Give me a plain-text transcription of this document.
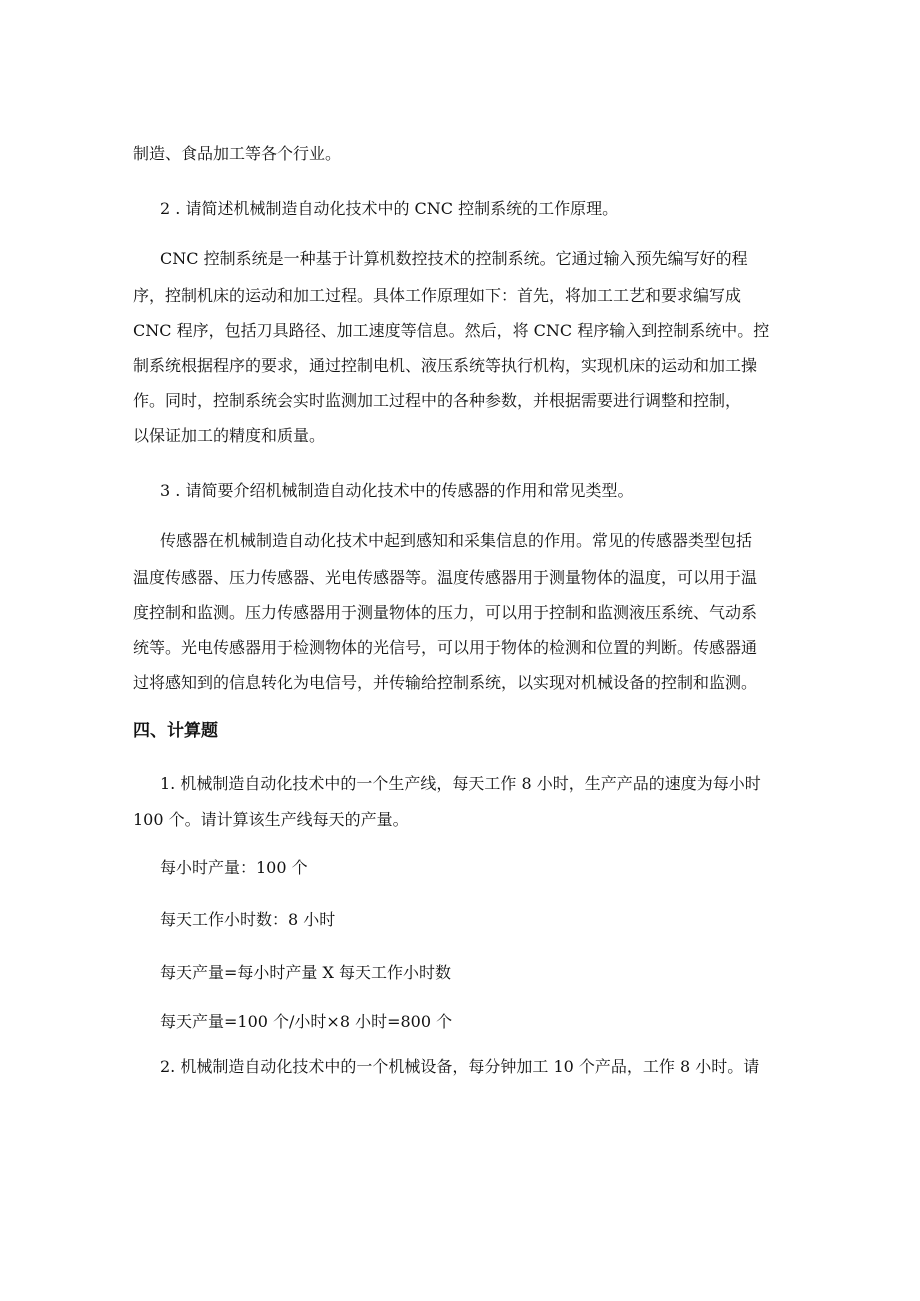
制造、食品加工等各个行业。
2 . 请简述机械制造自动化技术中的 CNC 控制系统的工作原理。
CNC 控制系统是一种基于计算机数控技术的控制系统。它通过输入预先编写好的程
序，控制机床的运动和加工过程。具体工作原理如下：首先，将加工工艺和要求编写成
CNC 程序，包括刀具路径、加工速度等信息。然后，将 CNC 程序输入到控制系统中。控
制系统根据程序的要求，通过控制电机、液压系统等执行机构，实现机床的运动和加工操
作。同时，控制系统会实时监测加工过程中的各种参数，并根据需要进行调整和控制，
以保证加工的精度和质量。
3 . 请简要介绍机械制造自动化技术中的传感器的作用和常见类型。
传感器在机械制造自动化技术中起到感知和采集信息的作用。常见的传感器类型包括
温度传感器、压力传感器、光电传感器等。温度传感器用于测量物体的温度，可以用于温
度控制和监测。压力传感器用于测量物体的压力，可以用于控制和监测液压系统、气动系
统等。光电传感器用于检测物体的光信号，可以用于物体的检测和位置的判断。传感器通
过将感知到的信息转化为电信号，并传输给控制系统，以实现对机械设备的控制和监测。
四、计算题
1. 机械制造自动化技术中的一个生产线，每天工作 8 小时，生产产品的速度为每小时
100 个。请计算该生产线每天的产量。
每小时产量：100 个
每天工作小时数：8 小时
每天产量=每小时产量 X 每天工作小时数
每天产量=100 个/小时×8 小时=800 个
2. 机械制造自动化技术中的一个机械设备，每分钟加工 10 个产品，工作 8 小时。请
